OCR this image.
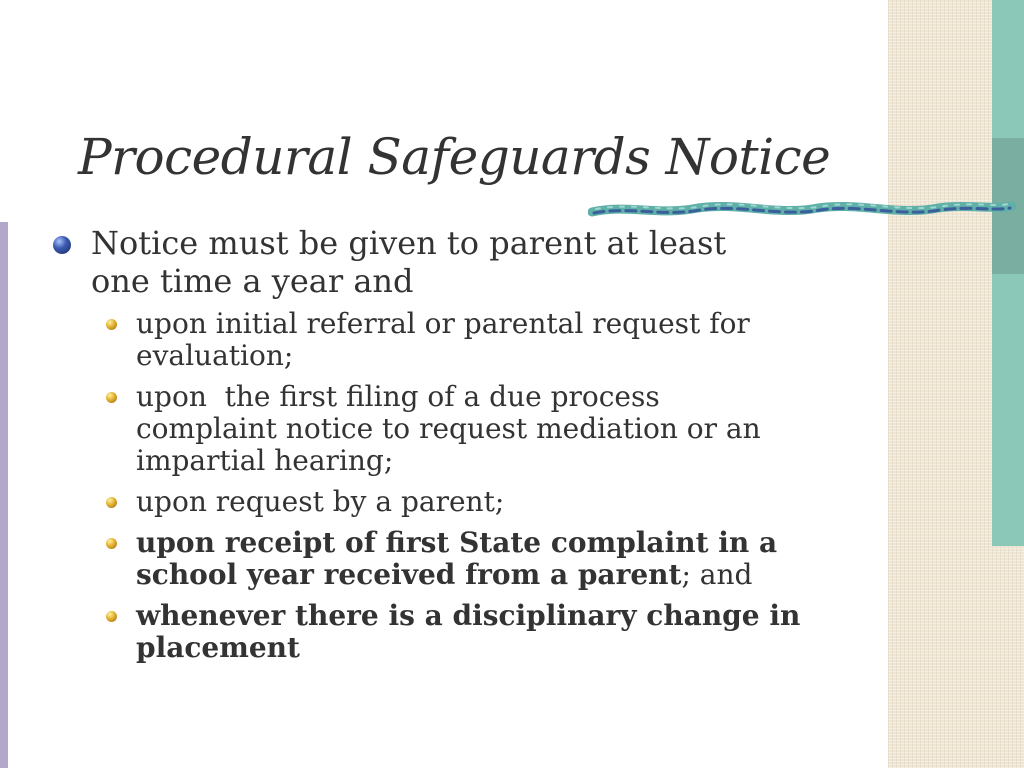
Procedural Safeguards Notice
Notice must be given to parent at least
one time a year and
upon initial referral or parental request for
evaluation;
upon  the first filing of a due process
complaint notice to request mediation or an
impartial hearing;
upon request by a parent;
upon receipt of first State complaint in a
school year received from a parent; and
whenever there is a disciplinary change in
placement
